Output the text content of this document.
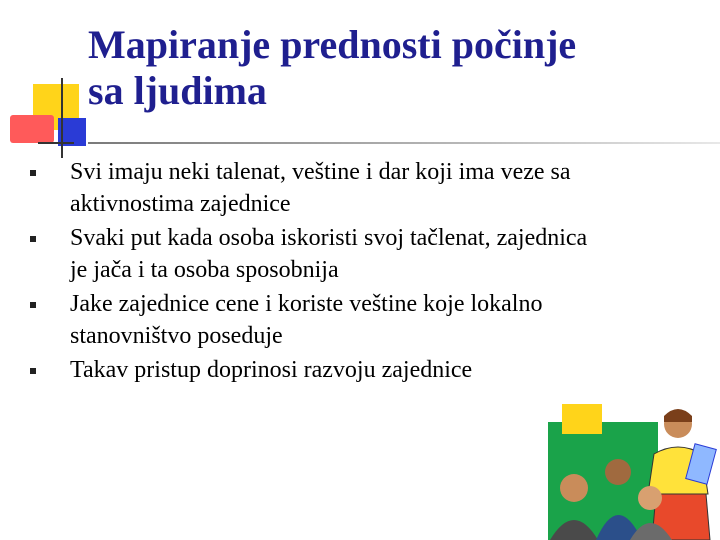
Mapiranje prednosti počinje
sa ljudima
Svi imaju neki talenat, veštine i dar koji ima veze sa
aktivnostima zajednice
Svaki put kada osoba iskoristi svoj tačlenat, zajednica
je jača i ta osoba sposobnija
Jake zajednice cene i koriste veštine koje lokalno
stanovništvo poseduje
Takav pristup doprinosi razvoju zajednice
